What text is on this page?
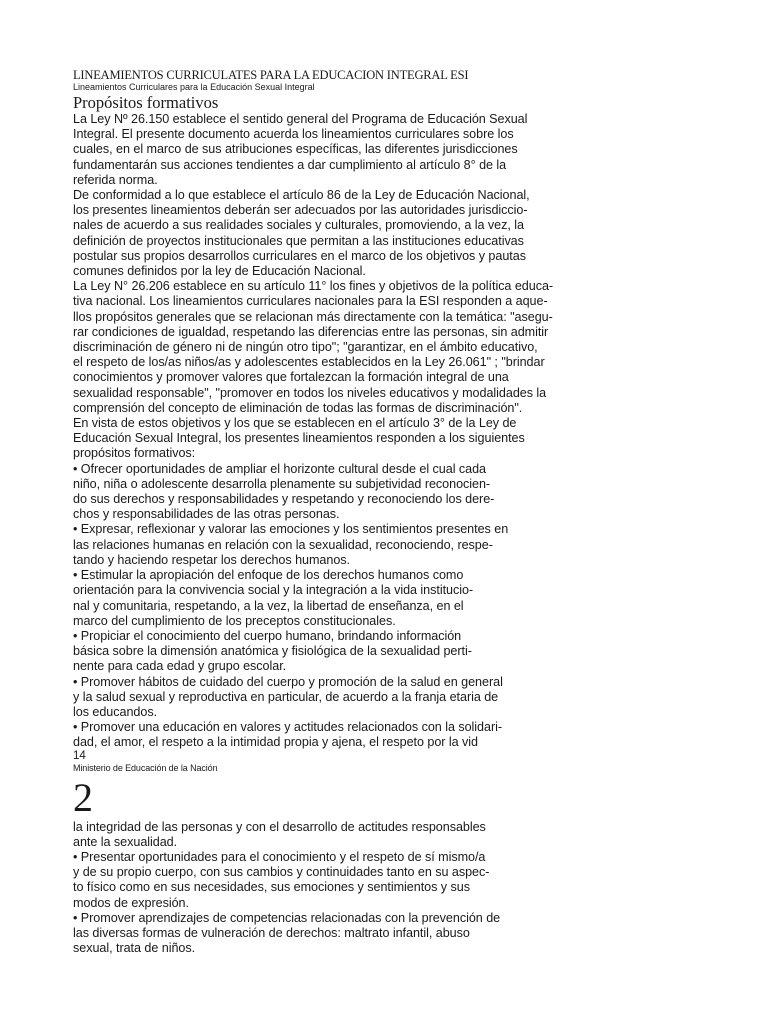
LINEAMIENTOS CURRICULATES PARA LA EDUCACION INTEGRAL ESI
Lineamientos Curriculares para la Educación Sexual Integral
Propósitos formativos
La Ley Nº 26.150 establece el sentido general del Programa de Educación Sexual
Integral. El presente documento acuerda los lineamientos curriculares sobre los
cuales, en el marco de sus atribuciones específicas, las diferentes jurisdicciones
fundamentarán sus acciones tendientes a dar cumplimiento al artículo 8° de la
referida norma.
De conformidad a lo que establece el artículo 86 de la Ley de Educación Nacional,
los presentes lineamientos deberán ser adecuados por las autoridades jurisdiccio-
nales de acuerdo a sus realidades sociales y culturales, promoviendo, a la vez, la
definición de proyectos institucionales que permitan a las instituciones educativas
postular sus propios desarrollos curriculares en el marco de los objetivos y pautas
comunes definidos por la ley de Educación Nacional.
La Ley N° 26.206 establece en su artículo 11° los fines y objetivos de la política educa-
tiva nacional. Los lineamientos curriculares nacionales para la ESI responden a aque-
llos propósitos generales que se relacionan más directamente con la temática: "asegu-
rar condiciones de igualdad, respetando las diferencias entre las personas, sin admitir
discriminación de género ni de ningún otro tipo"; "garantizar, en el ámbito educativo,
el respeto de los/as niños/as y adolescentes establecidos en la Ley 26.061" ; "brindar
conocimientos y promover valores que fortalezcan la formación integral de una
sexualidad responsable", "promover en todos los niveles educativos y modalidades la
comprensión del concepto de eliminación de todas las formas de discriminación".
En vista de estos objetivos y los que se establecen en el artículo 3° de la Ley de
Educación Sexual Integral, los presentes lineamientos responden a los siguientes
propósitos formativos:
• Ofrecer oportunidades de ampliar el horizonte cultural desde el cual cada
niño, niña o adolescente desarrolla plenamente su subjetividad reconocien-
do sus derechos y responsabilidades y respetando y reconociendo los dere-
chos y responsabilidades de las otras personas.
• Expresar, reflexionar y valorar las emociones y los sentimientos presentes en
las relaciones humanas en relación con la sexualidad, reconociendo, respe-
tando y haciendo respetar los derechos humanos.
• Estimular la apropiación del enfoque de los derechos humanos como
orientación para la convivencia social y la integración a la vida institucio-
nal y comunitaria, respetando, a la vez, la libertad de enseñanza, en el
marco del cumplimiento de los preceptos constitucionales.
• Propiciar el conocimiento del cuerpo humano, brindando información
básica sobre la dimensión anatómica y fisiológica de la sexualidad perti-
nente para cada edad y grupo escolar.
• Promover hábitos de cuidado del cuerpo y promoción de la salud en general
y la salud sexual y reproductiva en particular, de acuerdo a la franja etaria de
los educandos.
• Promover una educación en valores y actitudes relacionados con la solidari-
dad, el amor, el respeto a la intimidad propia y ajena, el respeto por la vid
14
Ministerio de Educación de la Nación
2
la integridad de las personas y con el desarrollo de actitudes responsables
ante la sexualidad.
• Presentar oportunidades para el conocimiento y el respeto de sí mismo/a
y de su propio cuerpo, con sus cambios y continuidades tanto en su aspec-
to físico como en sus necesidades, sus emociones y sentimientos y sus
modos de expresión.
• Promover aprendizajes de competencias relacionadas con la prevención de
las diversas formas de vulneración de derechos: maltrato infantil, abuso
sexual, trata de niños.
